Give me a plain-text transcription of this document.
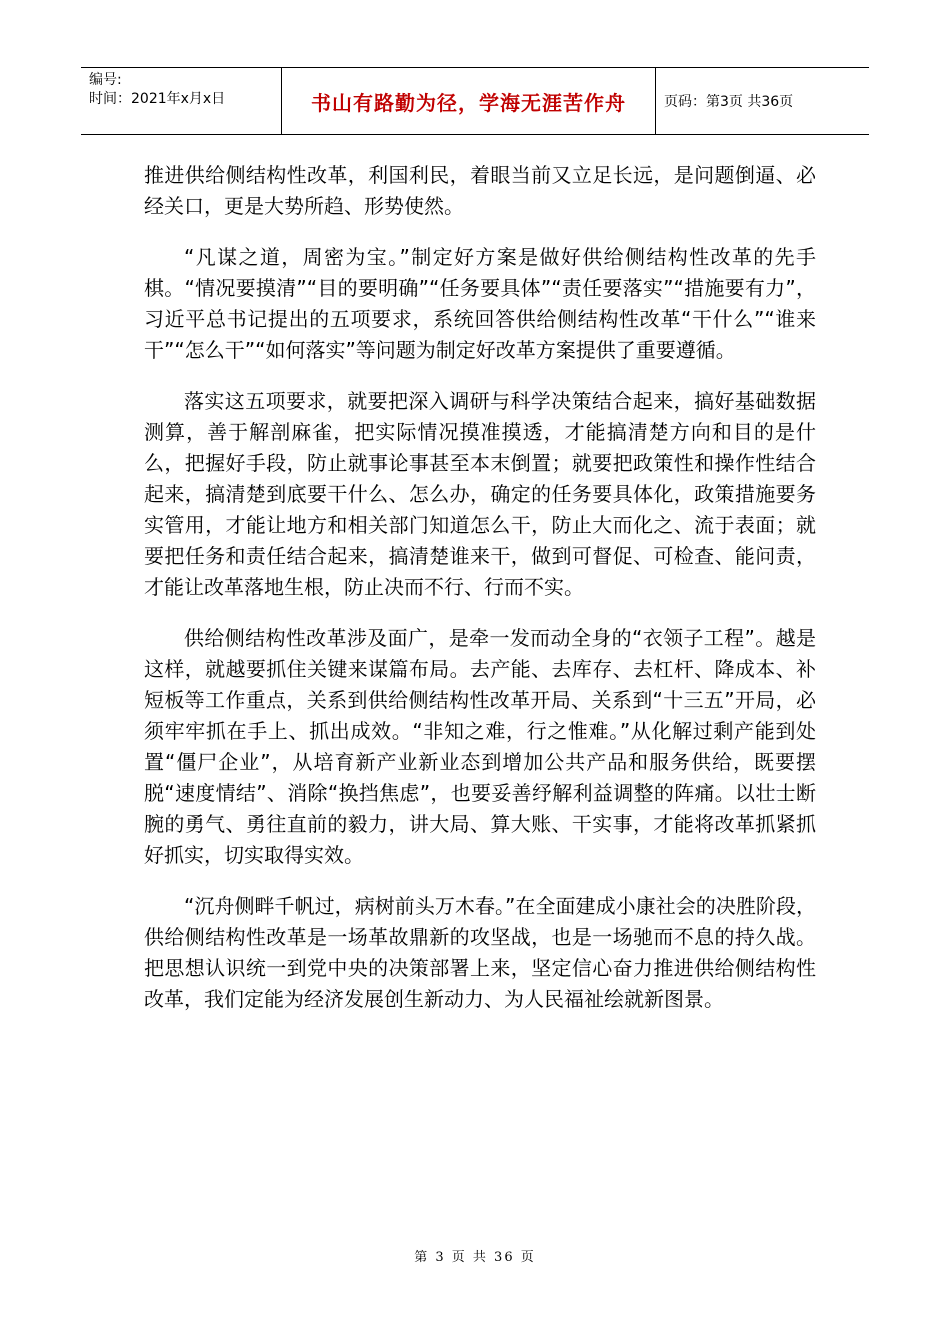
编号:
时间：2021年x月x日	书山有路勤为径，学海无涯苦作舟	页码：第3页 共36页

推进供给侧结构性改革，利国利民，着眼当前又立足长远，是问题倒逼、必经关口，更是大势所趋、形势使然。

“凡谋之道，周密为宝。”制定好方案是做好供给侧结构性改革的先手棋。“情况要摸清”“目的要明确”“任务要具体”“责任要落实”“措施要有力”，习近平总书记提出的五项要求，系统回答供给侧结构性改革“干什么”“谁来干”“怎么干”“如何落实”等问题为制定好改革方案提供了重要遵循。

落实这五项要求，就要把深入调研与科学决策结合起来，搞好基础数据测算，善于解剖麻雀，把实际情况摸准摸透，才能搞清楚方向和目的是什么，把握好手段，防止就事论事甚至本末倒置；就要把政策性和操作性结合起来，搞清楚到底要干什么、怎么办，确定的任务要具体化，政策措施要务实管用，才能让地方和相关部门知道怎么干，防止大而化之、流于表面；就要把任务和责任结合起来，搞清楚谁来干，做到可督促、可检查、能问责，才能让改革落地生根，防止决而不行、行而不实。

供给侧结构性改革涉及面广，是牵一发而动全身的“衣领子工程”。越是这样，就越要抓住关键来谋篇布局。去产能、去库存、去杠杆、降成本、补短板等工作重点，关系到供给侧结构性改革开局、关系到“十三五”开局，必须牢牢抓在手上、抓出成效。“非知之难，行之惟难。”从化解过剩产能到处置“僵尸企业”，从培育新产业新业态到增加公共产品和服务供给，既要摆脱“速度情结”、消除“换挡焦虑”，也要妥善纾解利益调整的阵痛。以壮士断腕的勇气、勇往直前的毅力，讲大局、算大账、干实事，才能将改革抓紧抓好抓实，切实取得实效。

“沉舟侧畔千帆过，病树前头万木春。”在全面建成小康社会的决胜阶段，供给侧结构性改革是一场革故鼎新的攻坚战，也是一场驰而不息的持久战。把思想认识统一到党中央的决策部署上来，坚定信心奋力推进供给侧结构性改革，我们定能为经济发展创生新动力、为人民福祉绘就新图景。

第 3 页 共 36 页
